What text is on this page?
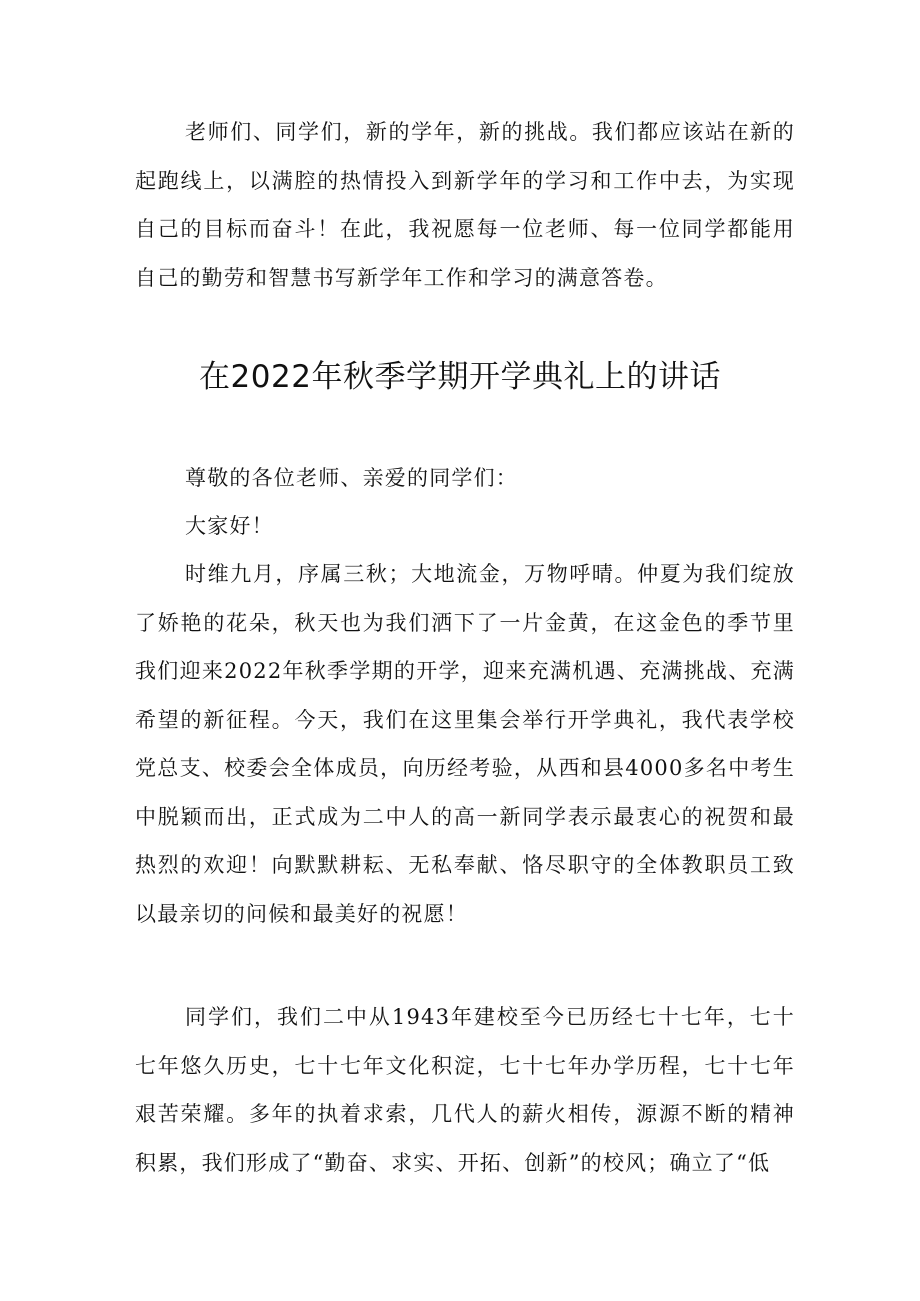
老师们、同学们，新的学年，新的挑战。我们都应该站在新的起跑线上，以满腔的热情投入到新学年的学习和工作中去，为实现自己的目标而奋斗！在此，我祝愿每一位老师、每一位同学都能用自己的勤劳和智慧书写新学年工作和学习的满意答卷。

在2022年秋季学期开学典礼上的讲话

尊敬的各位老师、亲爱的同学们：

大家好！

时维九月，序属三秋；大地流金，万物呼晴。仲夏为我们绽放了娇艳的花朵，秋天也为我们洒下了一片金黄，在这金色的季节里我们迎来2022年秋季学期的开学，迎来充满机遇、充满挑战、充满希望的新征程。今天，我们在这里集会举行开学典礼，我代表学校党总支、校委会全体成员，向历经考验，从西和县4000多名中考生中脱颖而出，正式成为二中人的高一新同学表示最衷心的祝贺和最热烈的欢迎！向默默耕耘、无私奉献、恪尽职守的全体教职员工致以最亲切的问候和最美好的祝愿！

同学们，我们二中从1943年建校至今已历经七十七年，七十七年悠久历史，七十七年文化积淀，七十七年办学历程，七十七年艰苦荣耀。多年的执着求索，几代人的薪火相传，源源不断的精神积累，我们形成了“勤奋、求实、开拓、创新”的校风；确立了“低
